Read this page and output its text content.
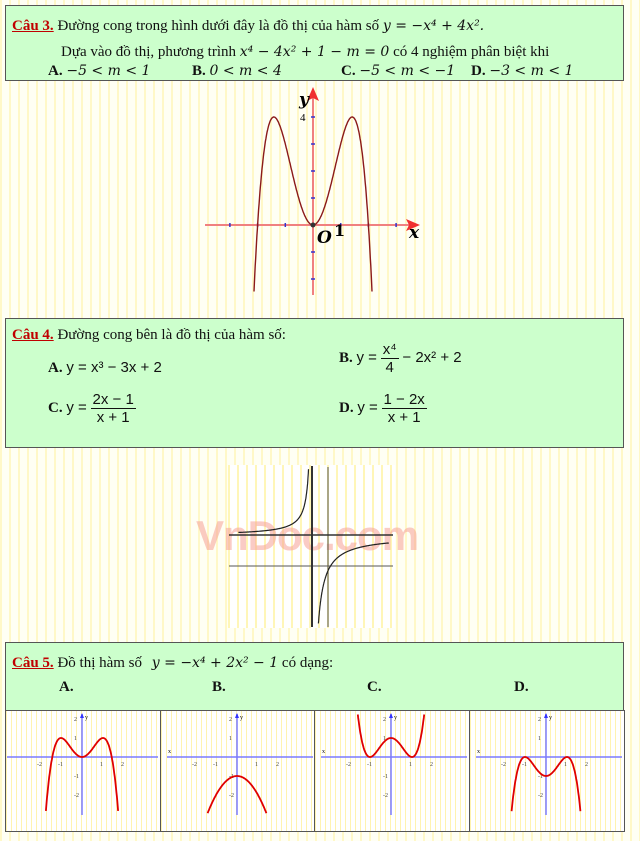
Câu 3. Đường cong trong hình dưới đây là đồ thị của hàm số y = −x⁴ + 4x².
Dựa vào đồ thị, phương trình x⁴ − 4x² + 1 − m = 0 có 4 nghiệm phân biệt khi
A. −5 < m < 1	B. 0 < m < 4	C. −5 < m < −1 D. −3 < m < 1
y
x
O 1
4
Câu 4. Đường cong bên là đồ thị của hàm số:
A. y = x³ − 3x + 2
B. $y = \frac{\text{x⁴}}{4} - 2x^2 + 2$
C. $y = \frac{2x - 1}{x + 1}$	D. $y = \frac{1 - 2x}{x + 1}$
VnDoc.com
Câu 5. Đồ thị hàm số y = −x⁴ + 2x² − 1 có dạng:
A.	B.	C.	D.
y
-2	-1	1	2
2
1
-1
-2
y
x
-2	-1	1	2
2
1
-1
-2
y
x
-2	-1	1	2
2
1
-1
-2
y
x
-2	-1	1	2
2
1
-1
-2
